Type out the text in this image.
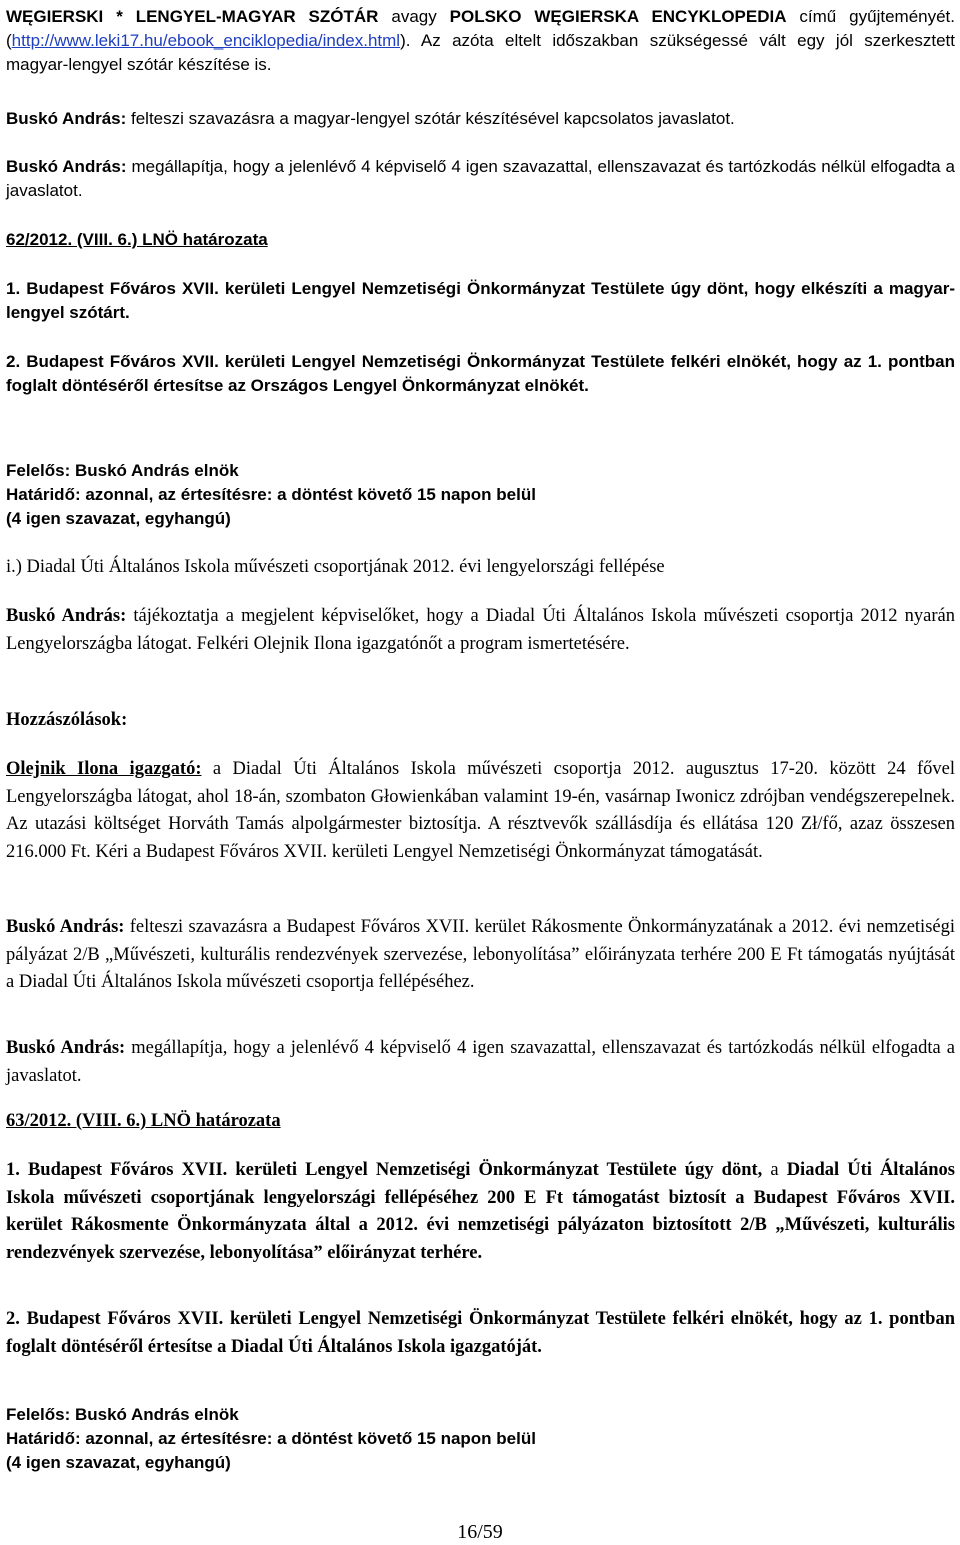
WĘGIERSKI * LENGYEL-MAGYAR SZÓTÁR avagy POLSKO WĘGIERSKA ENCYKLOPEDIA című gyűjteményét. (http://www.leki17.hu/ebook_enciklopedia/index.html). Az azóta eltelt időszakban szükségessé vált egy jól szerkesztett magyar-lengyel szótár készítése is.

Buskó András: felteszi szavazásra a magyar-lengyel szótár készítésével kapcsolatos javaslatot.

Buskó András: megállapítja, hogy a jelenlévő 4 képviselő 4 igen szavazattal, ellenszavazat és tartózkodás nélkül elfogadta a javaslatot.

62/2012. (VIII. 6.) LNÖ határozata

1. Budapest Főváros XVII. kerületi Lengyel Nemzetiségi Önkormányzat Testülete úgy dönt, hogy elkészíti a magyar-lengyel szótárt.

2. Budapest Főváros XVII. kerületi Lengyel Nemzetiségi Önkormányzat Testülete felkéri elnökét, hogy az 1. pontban foglalt döntéséről értesítse az Országos Lengyel Önkormányzat elnökét.

Felelős: Buskó András elnök

Határidő: azonnal, az értesítésre: a döntést követő 15 napon belül

(4 igen szavazat, egyhangú)

i.) Diadal Úti Általános Iskola művészeti csoportjának 2012. évi lengyelországi fellépése

Buskó András: tájékoztatja a megjelent képviselőket, hogy a Diadal Úti Általános Iskola művészeti csoportja 2012 nyarán Lengyelországba látogat. Felkéri Olejnik Ilona igazgatónőt a program ismertetésére.

Hozzászólások:

Olejnik Ilona igazgató: a Diadal Úti Általános Iskola művészeti csoportja 2012. augusztus 17-20. között 24 fővel Lengyelországba látogat, ahol 18-án, szombaton Głowienkában valamint 19-én, vasárnap Iwonicz zdrójban vendégszerepelnek. Az utazási költséget Horváth Tamás alpolgármester biztosítja. A résztvevők szállásdíja és ellátása 120 Zł/fő, azaz összesen 216.000 Ft. Kéri a Budapest Főváros XVII. kerületi Lengyel Nemzetiségi Önkormányzat támogatását.

Buskó András: felteszi szavazásra a Budapest Főváros XVII. kerület Rákosmente Önkormányzatának a 2012. évi nemzetiségi pályázat 2/B „Művészeti, kulturális rendezvények szervezése, lebonyolítása” előirányzata terhére 200 E Ft támogatás nyújtását a Diadal Úti Általános Iskola művészeti csoportja fellépéséhez.

Buskó András: megállapítja, hogy a jelenlévő 4 képviselő 4 igen szavazattal, ellenszavazat és tartózkodás nélkül elfogadta a javaslatot.

63/2012. (VIII. 6.) LNÖ határozata

1. Budapest Főváros XVII. kerületi Lengyel Nemzetiségi Önkormányzat Testülete úgy dönt, a Diadal Úti Általános Iskola művészeti csoportjának lengyelországi fellépéséhez 200 E Ft támogatást biztosít a Budapest Főváros XVII. kerület Rákosmente Önkormányzata által a 2012. évi nemzetiségi pályázaton biztosított 2/B „Művészeti, kulturális rendezvények szervezése, lebonyolítása” előirányzat terhére.

2. Budapest Főváros XVII. kerületi Lengyel Nemzetiségi Önkormányzat Testülete felkéri elnökét, hogy az 1. pontban foglalt döntéséről értesítse a Diadal Úti Általános Iskola igazgatóját.

Felelős: Buskó András elnök

Határidő: azonnal, az értesítésre: a döntést követő 15 napon belül

(4 igen szavazat, egyhangú)

16/59
